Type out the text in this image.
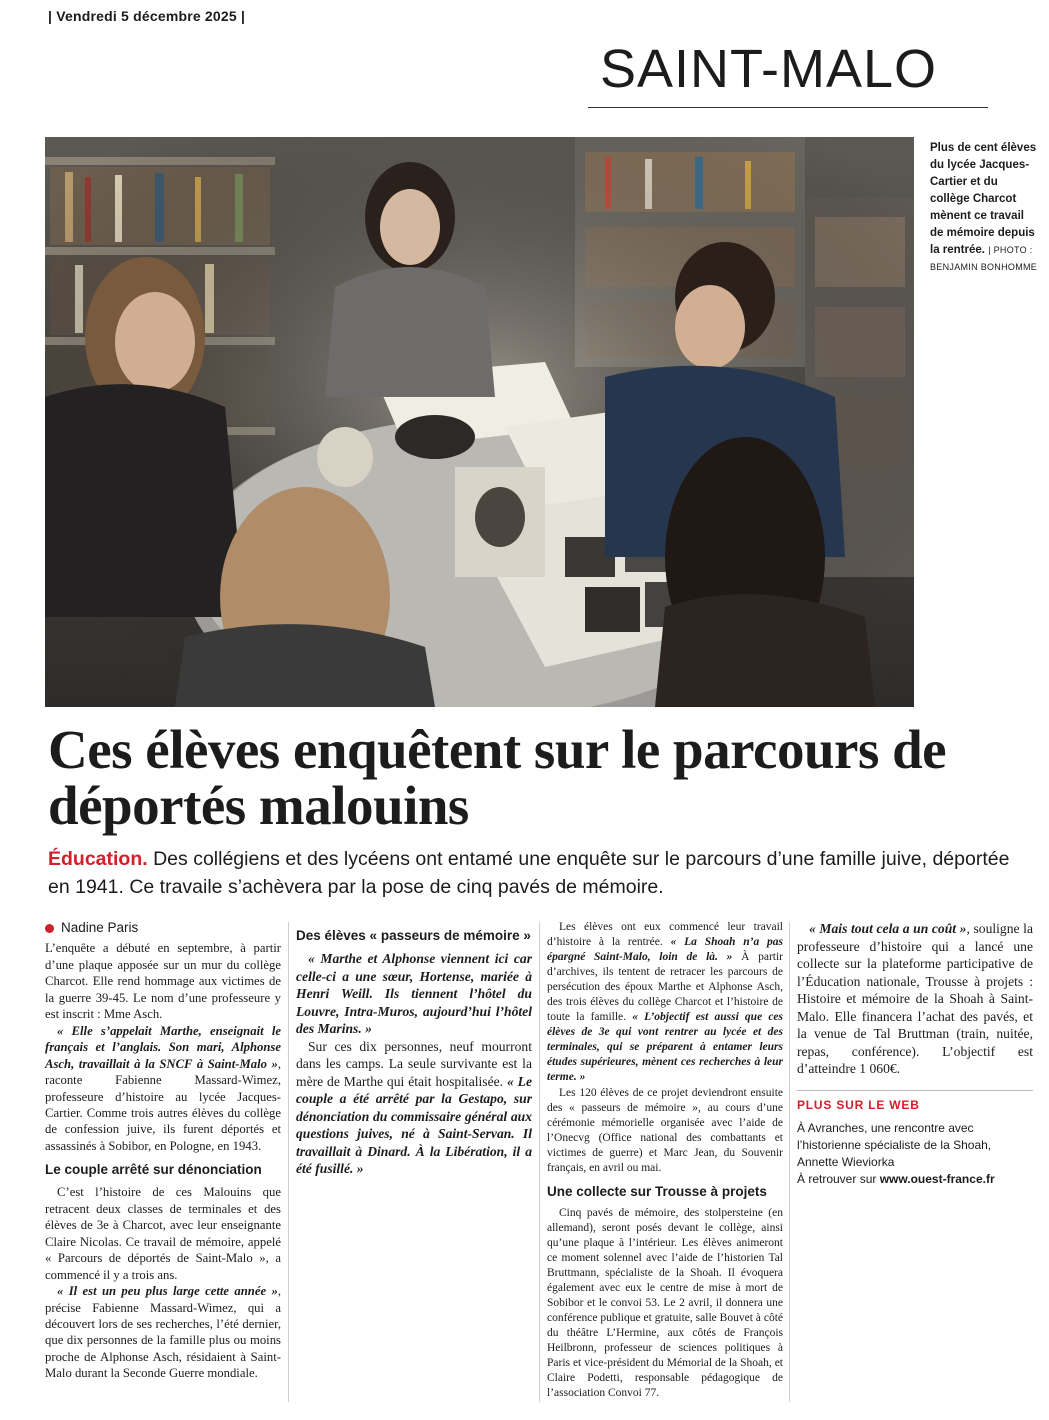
| Vendredi 5 décembre 2025 |
SAINT-MALO
Plus de cent élèves du lycée Jacques-Cartier et du collège Charcot mènent ce travail de mémoire depuis la rentrée. | PHOTO : BENJAMIN BONHOMME
Ces élèves enquêtent sur le parcours de déportés malouins

Éducation. Des collégiens et des lycéens ont entamé une enquête sur le parcours d’une famille juive, déportée en 1941. Ce travaile s’achèvera par la pose de cinq pavés de mémoire.

Nadine Paris

L’enquête a débuté en septembre, à partir d’une plaque apposée sur un mur du collège Charcot. Elle rend hommage aux victimes de la guerre 39-45. Le nom d’une professeure y est inscrit : Mme Asch.

« Elle s’appelait Marthe, enseignait le français et l’anglais. Son mari, Alphonse Asch, travaillait à la SNCF à Saint-Malo », raconte Fabienne Massard-Wimez, professeure d’histoire au lycée Jacques-Cartier. Comme trois autres élèves du collège de confession juive, ils furent déportés et assassinés à Sobibor, en Pologne, en 1943.

Le couple arrêté sur dénonciation

C’est l’histoire de ces Malouins que retracent deux classes de terminales et des élèves de 3e à Charcot, avec leur enseignante Claire Nicolas. Ce travail de mémoire, appelé « Parcours de déportés de Saint-Malo », a commencé il y a trois ans.

« Il est un peu plus large cette année », précise Fabienne Massard-Wimez, qui a découvert lors de ses recherches, l’été dernier, que dix personnes de la famille plus ou moins proche de Alphonse Asch, résidaient à Saint-Malo durant la Seconde Guerre mondiale.

Des élèves « passeurs de mémoire »

« Marthe et Alphonse viennent ici car celle-ci a une sœur, Hortense, mariée à Henri Weill. Ils tiennent l’hôtel du Louvre, Intra-Muros, aujourd’hui l’hôtel des Marins. »

Sur ces dix personnes, neuf mourront dans les camps. La seule survivante est la mère de Marthe qui était hospitalisée. « Le couple a été arrêté par la Gestapo, sur dénonciation du commissaire général aux questions juives, né à Saint-Servan. Il travaillait à Dinard. À la Libération, il a été fusillé. »

Les élèves ont eux commencé leur travail d’histoire à la rentrée. « La Shoah n’a pas épargné Saint-Malo, loin de là. » À partir d’archives, ils tentent de retracer les parcours de persécution des époux Marthe et Alphonse Asch, des trois élèves du collège Charcot et l’histoire de toute la famille. « L’objectif est aussi que ces élèves de 3e qui vont rentrer au lycée et des terminales, qui se préparent à entamer leurs études supérieures, mènent ces recherches à leur terme. »

Les 120 élèves de ce projet deviendront ensuite des « passeurs de mémoire », au cours d’une cérémonie mémorielle organisée avec l’aide de l’Onecvg (Office national des combattants et victimes de guerre) et Marc Jean, du Souvenir français, en avril ou mai.

Une collecte sur Trousse à projets

Cinq pavés de mémoire, des stolpersteine (en allemand), seront posés devant le collège, ainsi qu’une plaque à l’intérieur. Les élèves animeront ce moment solennel avec l’aide de l’historien Tal Bruttmann, spécialiste de la Shoah. Il évoquera également avec eux le centre de mise à mort de Sobibor et le convoi 53. Le 2 avril, il donnera une conférence publique et gratuite, salle Bouvet à côté du théâtre L’Hermine, aux côtés de François Heilbronn, professeur de sciences politiques à Paris et vice-président du Mémorial de la Shoah, et Claire Podetti, responsable pédagogique de l’association Convoi 77.

« Mais tout cela a un coût », souligne la professeure d’histoire qui a lancé une collecte sur la plateforme participative de l’Éducation nationale, Trousse à projets : Histoire et mémoire de la Shoah à Saint-Malo. Elle financera l’achat des pavés, et la venue de Tal Bruttman (train, nuitée, repas, conférence). L’objectif est d’atteindre 1 060€.

PLUS SUR LE WEB

À Avranches, une rencontre avec l’historienne spécialiste de la Shoah, Annette Wieviorka
À retrouver sur www.ouest-france.fr
